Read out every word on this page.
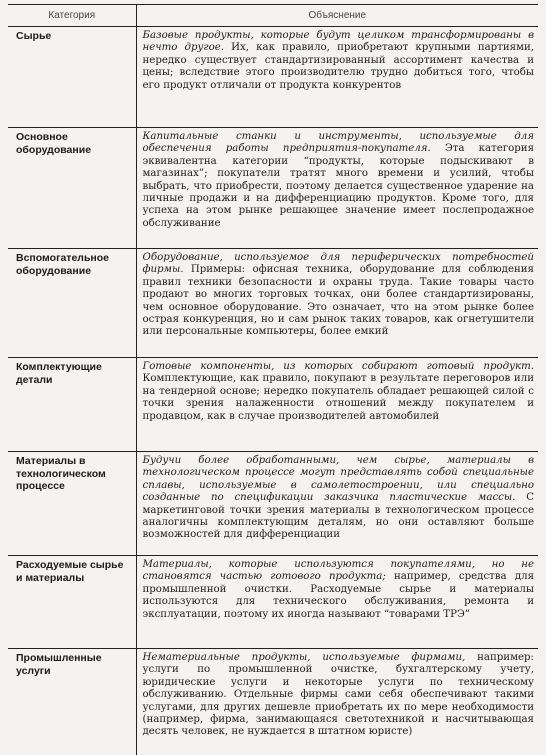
Категория	Объяснение
Сырье	Базовые продукты, которые будут целиком трансформированы в нечто другое. Их, как правило, приобретают крупными партиями, нередко существует стандартизированный ассортимент качества и цены; вследствие этого производителю трудно добиться того, чтобы его продукт отличали от продукта конкурентов
Основное оборудование	Капитальные станки и инструменты, используемые для обеспечения работы предприятия-покупателя. Эта категория эквивалентна категории “продукты, которые подыскивают в магазинах”; покупатели тратят много времени и усилий, чтобы выбрать, что приобрести, поэтому делается существенное ударение на личные продажи и на дифференциацию продуктов. Кроме того, для успеха на этом рынке решающее значение имеет послепродажное обслуживание
Вспомогательное оборудование	Оборудование, используемое для периферических потребностей фирмы. Примеры: офисная техника, оборудование для соблюдения правил техники безопасности и охраны труда. Такие товары часто продают во многих торговых точках, они более стандартизированы, чем основное оборудование. Это означает, что на этом рынке более острая конкуренция, но и сам рынок таких товаров, как огнетушители или персональные компьютеры, более емкий
Комплектующие детали	Готовые компоненты, из которых собирают готовый продукт. Комплектующие, как правило, покупают в результате переговоров или на тендерной основе; нередко покупатель обладает решающей силой с точки зрения налаженности отношений между покупателем и продавцом, как в случае производителей автомобилей
Материалы в технологическом процессе	Будучи более обработанными, чем сырье, материалы в технологическом процессе могут представлять собой специальные сплавы, используемые в самолетостроении, или специально созданные по спецификации заказчика пластические массы. С маркетинговой точки зрения материалы в технологическом процессе аналогичны комплектующим деталям, но они оставляют больше возможностей для дифференциации
Расходуемые сырье и материалы	Материалы, которые используются покупателями, но не становятся частью готового продукта; например, средства для промышленной очистки. Расходуемые сырье и материалы используются для технического обслуживания, ремонта и эксплуатации, поэтому их иногда называют “товарами ТРЭ”
Промышленные услуги	Нематериальные продукты, используемые фирмами, например: услуги по промышленной очистке, бухгалтерскому учету, юридические услуги и некоторые услуги по техническому обслуживанию. Отдельные фирмы сами себя обеспечивают такими услугами, для других дешевле приобретать их по мере необходимости (например, фирма, занимающаяся светотехникой и насчитывающая десять человек, не нуждается в штатном юристе)
